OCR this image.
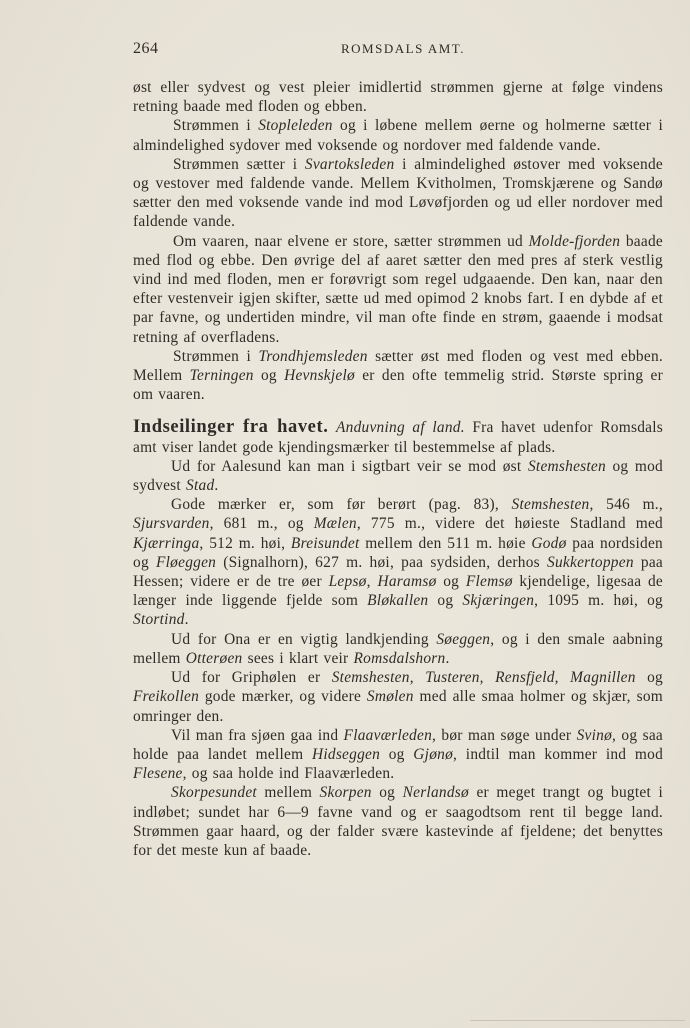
264	ROMSDALS AMT.

øst eller sydvest og vest pleier imidlertid strømmen gjerne at følge vindens retning baade med floden og ebben.

Strømmen i Stopleleden og i løbene mellem øerne og holmerne sætter i almindelighed sydover med voksende og nordover med faldende vande.

Strømmen sætter i Svartoksleden i almindelighed østover med voksende og vestover med faldende vande. Mellem Kvitholmen, Tromskjærene og Sandø sætter den med voksende vande ind mod Løvøfjorden og ud eller nordover med faldende vande.

Om vaaren, naar elvene er store, sætter strømmen ud Molde-fjorden baade med flod og ebbe. Den øvrige del af aaret sætter den med pres af sterk vestlig vind ind med floden, men er forøvrigt som regel udgaaende. Den kan, naar den efter vestenveir igjen skifter, sætte ud med opimod 2 knobs fart. I en dybde af et par favne, og undertiden mindre, vil man ofte finde en strøm, gaaende i modsat retning af overfladens.

Strømmen i Trondhjemsleden sætter øst med floden og vest med ebben. Mellem Terningen og Hevnskjelø er den ofte temmelig strid. Største spring er om vaaren.

Indseilinger fra havet. Anduvning af land. Fra havet udenfor Romsdals amt viser landet gode kjendingsmærker til bestemmelse af plads.

Ud for Aalesund kan man i sigtbart veir se mod øst Stemshesten og mod sydvest Stad.

Gode mærker er, som før berørt (pag. 83), Stemshesten, 546 m., Sjursvarden, 681 m., og Mælen, 775 m., videre det høieste Stadland med Kjærringa, 512 m. høi, Breisundet mellem den 511 m. høie Godø paa nordsiden og Fløeggen (Signalhorn), 627 m. høi, paa sydsiden, derhos Sukkertoppen paa Hessen; videre er de tre øer Lepsø, Haramsø og Flemsø kjendelige, ligesaa de længer inde liggende fjelde som Bløkallen og Skjæringen, 1095 m. høi, og Stortind.

Ud for Ona er en vigtig landkjending Søeggen, og i den smale aabning mellem Otterøen sees i klart veir Romsdalshorn.

Ud for Griphølen er Stemshesten, Tusteren, Rensfjeld, Magnillen og Freikollen gode mærker, og videre Smølen med alle smaa holmer og skjær, som omringer den.

Vil man fra sjøen gaa ind Flaaværleden, bør man søge under Svinø, og saa holde paa landet mellem Hidseggen og Gjønø, indtil man kommer ind mod Flesene, og saa holde ind Flaaværleden.

Skorpesundet mellem Skorpen og Nerlandsø er meget trangt og bugtet i indløbet; sundet har 6—9 favne vand og er saagodtsom rent til begge land. Strømmen gaar haard, og der falder svære kastevinde af fjeldene; det benyttes for det meste kun af baade.
